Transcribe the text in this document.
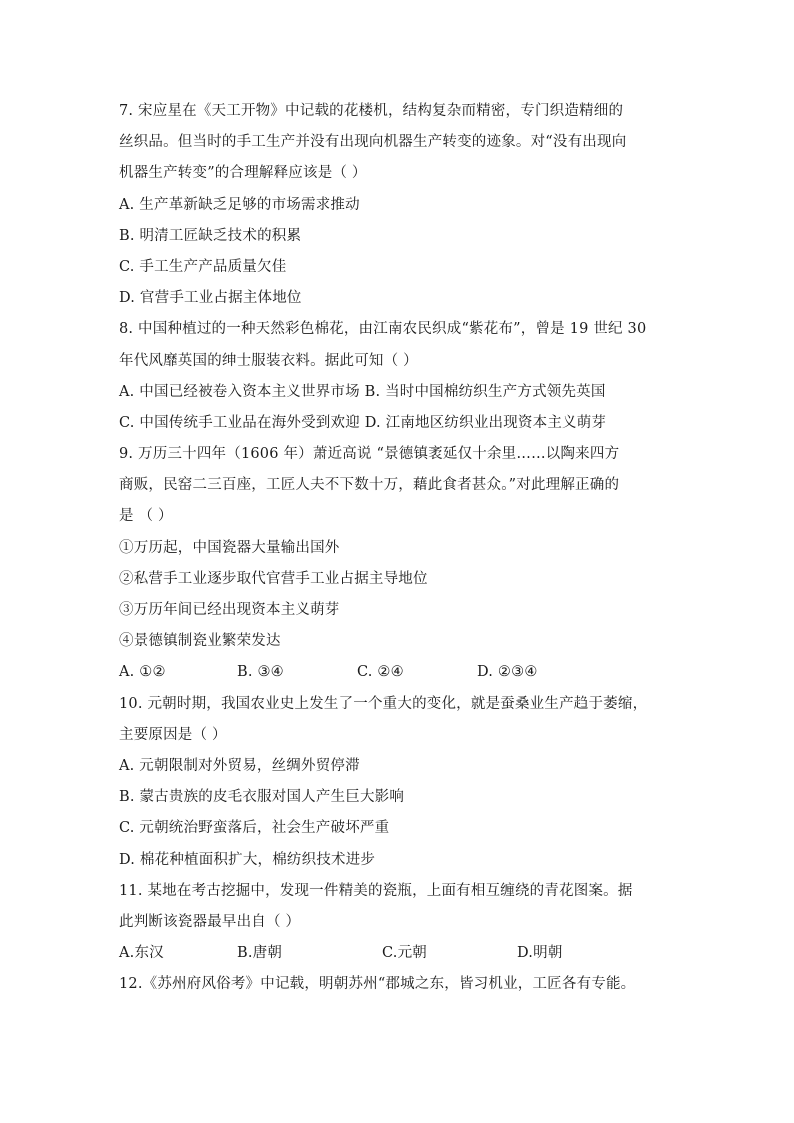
7. 宋应星在《天工开物》中记载的花楼机，结构复杂而精密，专门织造精细的
丝织品。但当时的手工生产并没有出现向机器生产转变的迹象。对“没有出现向
机器生产转变”的合理解释应该是（ ）
A. 生产革新缺乏足够的市场需求推动
B. 明清工匠缺乏技术的积累
C. 手工生产产品质量欠佳
D. 官营手工业占据主体地位
8. 中国种植过的一种天然彩色棉花，由江南农民织成“紫花布”，曾是 19 世纪 30
年代风靡英国的绅士服装衣料。据此可知（ ）
A. 中国已经被卷入资本主义世界市场 B. 当时中国棉纺织生产方式领先英国
C. 中国传统手工业品在海外受到欢迎 D. 江南地区纺织业出现资本主义萌芽
9. 万历三十四年（1606 年）萧近高说 “景德镇袤延仅十余里……以陶来四方
商贩，民窑二三百座，工匠人夫不下数十万，藉此食者甚众。”对此理解正确的
是 （ ）
①万历起，中国瓷器大量输出国外
②私营手工业逐步取代官营手工业占据主导地位
③万历年间已经出现资本主义萌芽
④景德镇制瓷业繁荣发达
A. ①②	B. ③④	C. ②④	D. ②③④
10. 元朝时期，我国农业史上发生了一个重大的变化，就是蚕桑业生产趋于萎缩，
主要原因是（ ）
A. 元朝限制对外贸易，丝绸外贸停滞
B. 蒙古贵族的皮毛衣服对国人产生巨大影响
C. 元朝统治野蛮落后，社会生产破坏严重
D. 棉花种植面积扩大，棉纺织技术进步
11. 某地在考古挖掘中，发现一件精美的瓷瓶，上面有相互缠绕的青花图案。据
此判断该瓷器最早出自（ ）
A.东汉	B.唐朝	C.元朝	D.明朝
12.《苏州府风俗考》中记载，明朝苏州“郡城之东，皆习机业，工匠各有专能。
